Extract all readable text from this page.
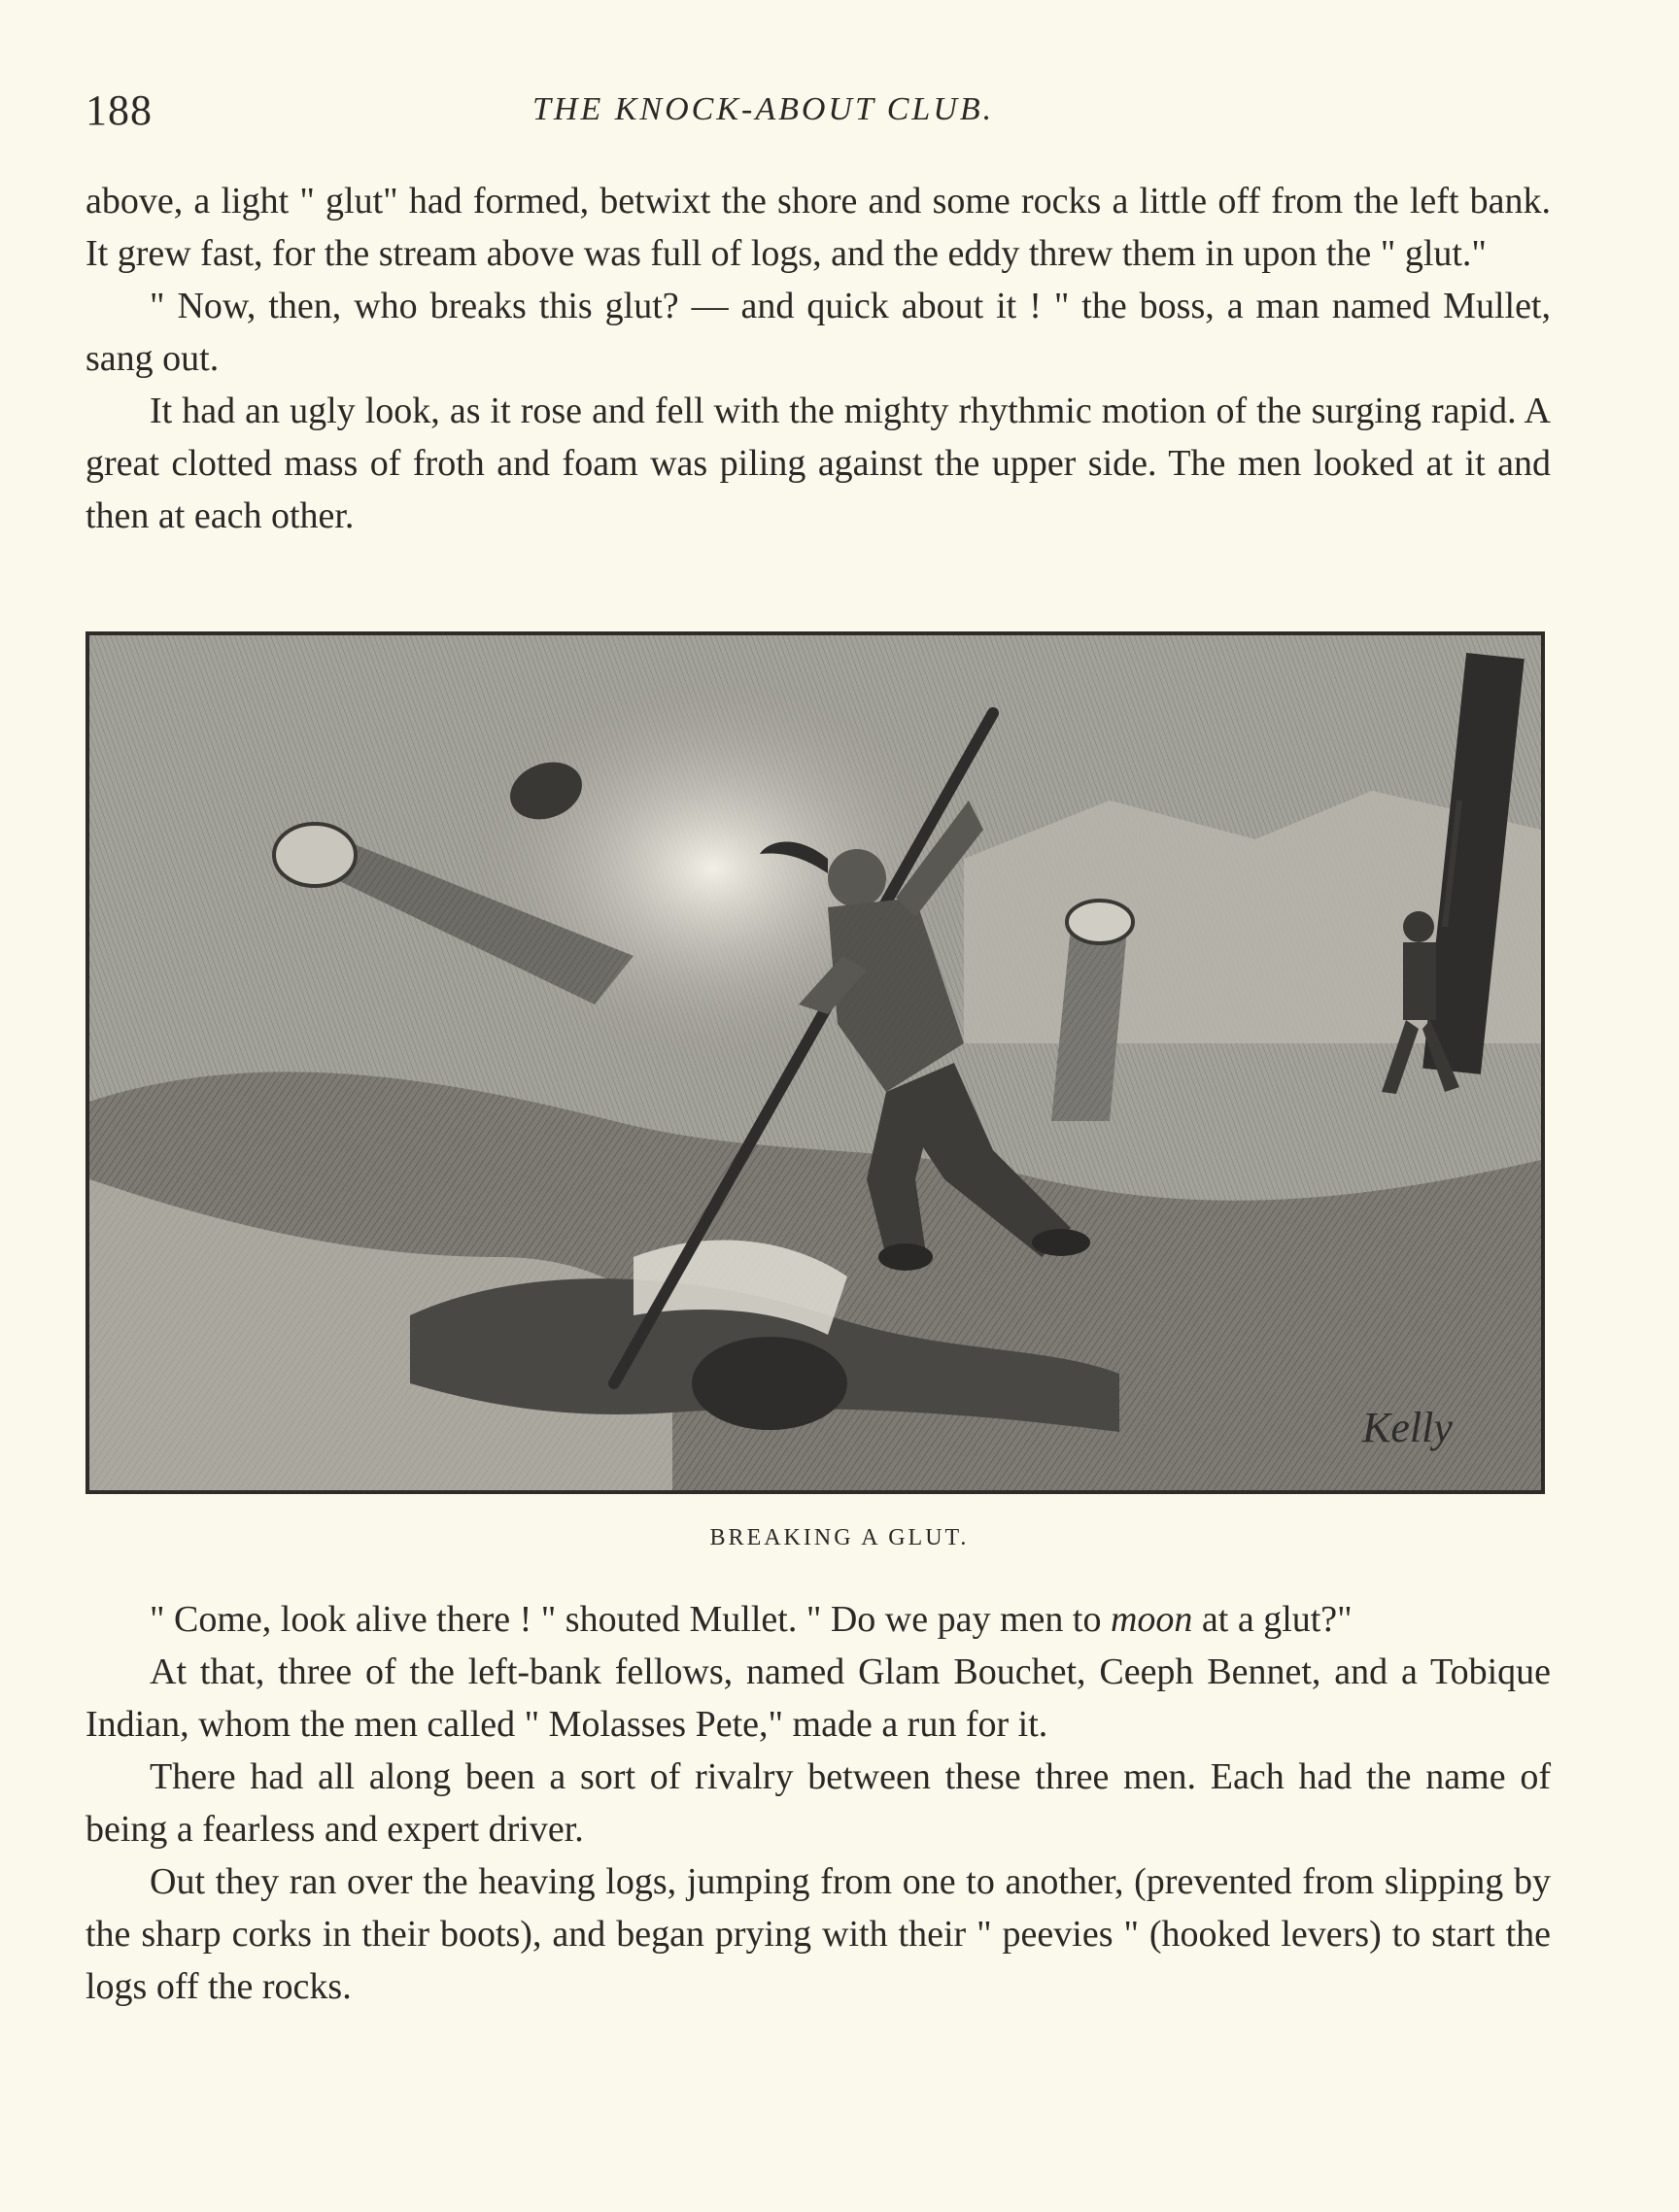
188	THE KNOCK-ABOUT CLUB.

above, a light " glut" had formed, betwixt the shore and some rocks a little off from the left bank. It grew fast, for the stream above was full of logs, and the eddy threw them in upon the " glut."

" Now, then, who breaks this glut? — and quick about it ! " the boss, a man named Mullet, sang out.

It had an ugly look, as it rose and fell with the mighty rhythmic motion of the surging rapid. A great clotted mass of froth and foam was piling against the upper side. The men looked at it and then at each other.

Kelly
BREAKING A GLUT.

" Come, look alive there ! " shouted Mullet. " Do we pay men to moon at a glut?"

At that, three of the left-bank fellows, named Glam Bouchet, Ceeph Bennet, and a Tobique Indian, whom the men called " Molasses Pete," made a run for it.

There had all along been a sort of rivalry between these three men. Each had the name of being a fearless and expert driver.

Out they ran over the heaving logs, jumping from one to another, (prevented from slipping by the sharp corks in their boots), and began prying with their " peevies " (hooked levers) to start the logs off the rocks.
